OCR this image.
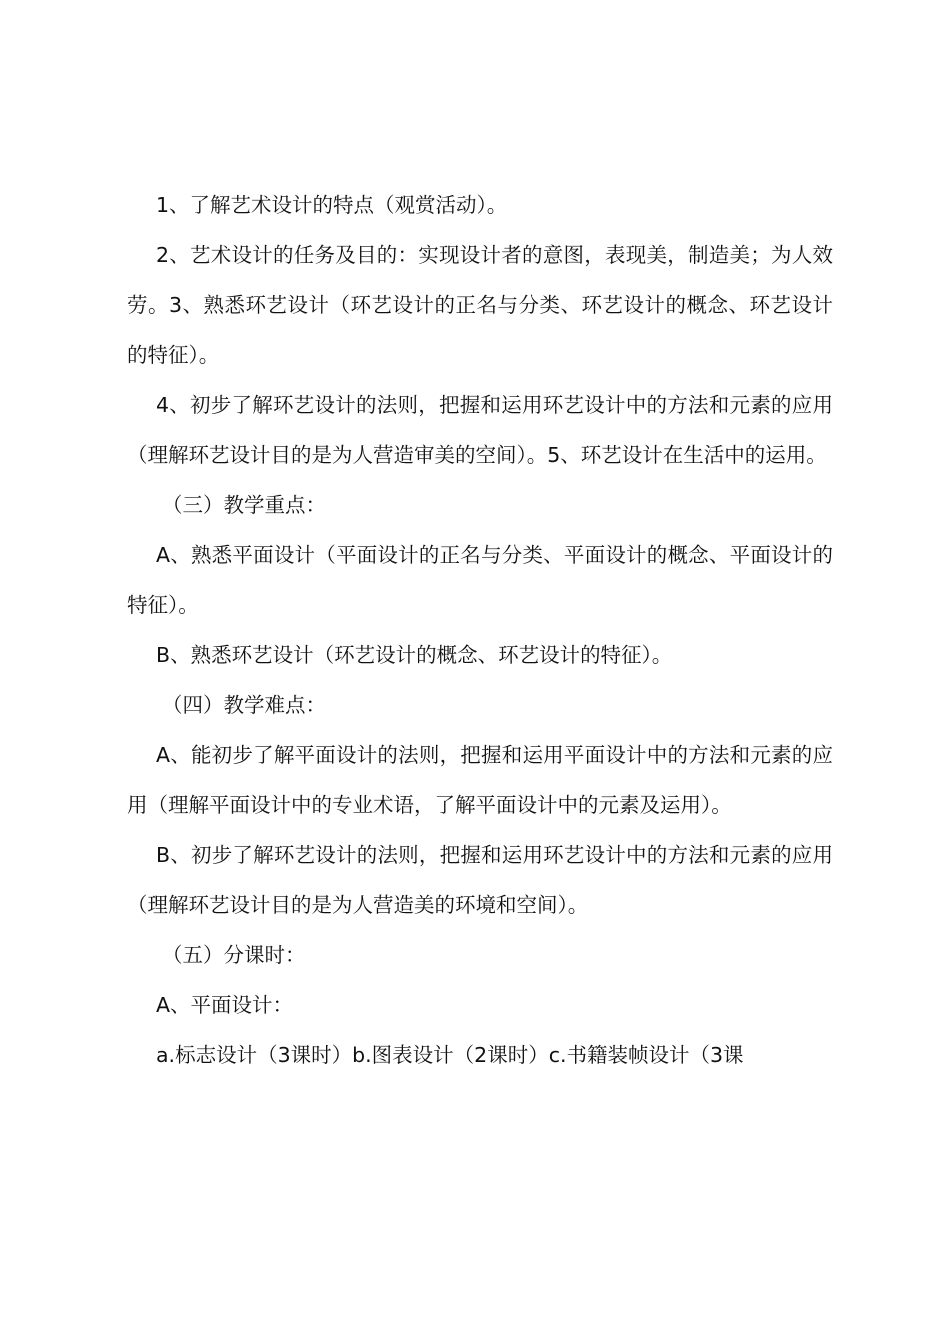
1、了解艺术设计的特点（观赏活动）。

2、艺术设计的任务及目的：实现设计者的意图，表现美，制造美；为人效劳。3、熟悉环艺设计（环艺设计的正名与分类、环艺设计的概念、环艺设计的特征）。

4、初步了解环艺设计的法则，把握和运用环艺设计中的方法和元素的应用（理解环艺设计目的是为人营造审美的空间）。5、环艺设计在生活中的运用。

（三）教学重点：

A、熟悉平面设计（平面设计的正名与分类、平面设计的概念、平面设计的特征）。

B、熟悉环艺设计（环艺设计的概念、环艺设计的特征）。

（四）教学难点：

A、能初步了解平面设计的法则，把握和运用平面设计中的方法和元素的应用（理解平面设计中的专业术语，了解平面设计中的元素及运用）。

B、初步了解环艺设计的法则，把握和运用环艺设计中的方法和元素的应用（理解环艺设计目的是为人营造美的环境和空间）。

（五）分课时：

A、平面设计：

a.标志设计（3课时）b.图表设计（2课时）c.书籍装帧设计（3课
